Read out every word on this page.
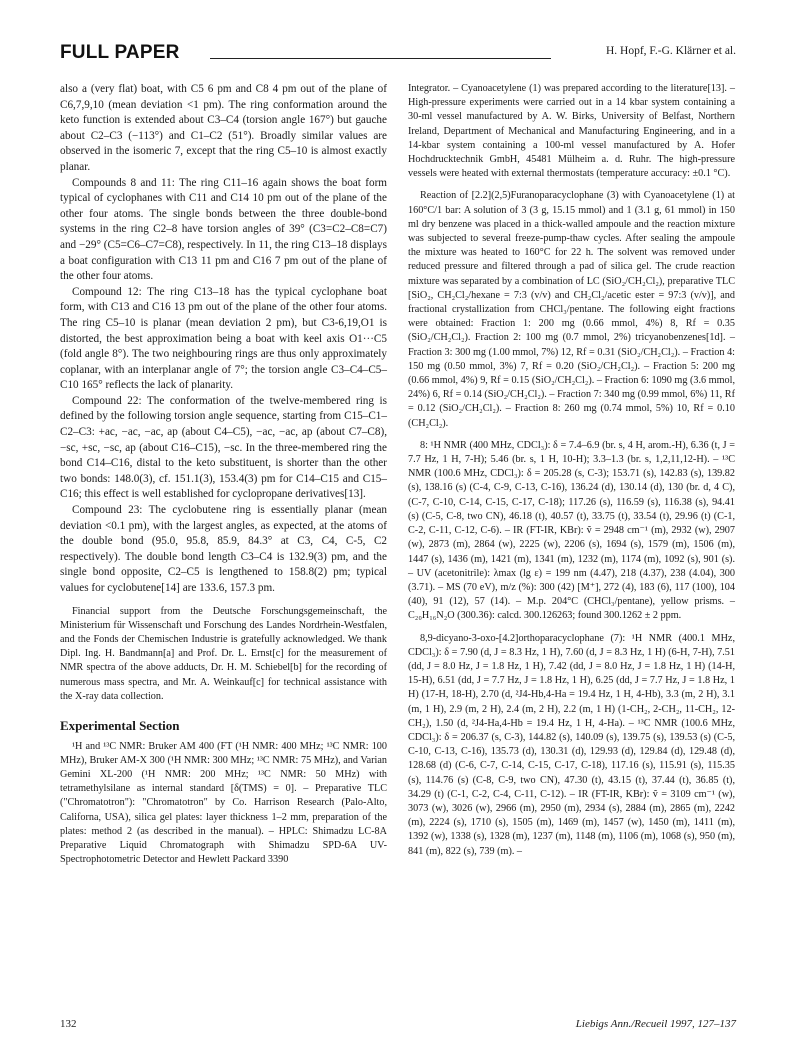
FULL PAPER	H. Hopf, F.-G. Klärner et al.

also a (very flat) boat, with C5 6 pm and C8 4 pm out of the plane of C6,7,9,10 (mean deviation <1 pm). The ring conformation around the keto function is extended about C3–C4 (torsion angle 167°) but gauche about C2–C3 (−113°) and C1–C2 (51°). Broadly similar values are observed in the isomeric 7, except that the ring C5–10 is almost exactly planar.

Compounds 8 and 11: The ring C11–16 again shows the boat form typical of cyclophanes with C11 and C14 10 pm out of the plane of the other four atoms. The single bonds between the three double-bond systems in the ring C2–8 have torsion angles of 39° (C3=C2–C8=C7) and −29° (C5=C6–C7=C8), respectively. In 11, the ring C13–18 displays a boat configuration with C13 11 pm and C16 7 pm out of the plane of the other four atoms.

Compound 12: The ring C13–18 has the typical cyclophane boat form, with C13 and C16 13 pm out of the plane of the other four atoms. The ring C5–10 is planar (mean deviation 2 pm), but C3-6,19,O1 is distorted, the best approximation being a boat with keel axis O1···C5 (fold angle 8°). The two neighbouring rings are thus only approximately coplanar, with an interplanar angle of 7°; the torsion angle C3–C4–C5–C10 165° reflects the lack of planarity.

Compound 22: The conformation of the twelve-membered ring is defined by the following torsion angle sequence, starting from C15–C1–C2–C3: +ac, −ac, −ac, ap (about C4–C5), −ac, −ac, ap (about C7–C8), −sc, +sc, −sc, ap (about C16–C15), −sc. In the three-membered ring the bond C14–C16, distal to the keto substituent, is shorter than the other two bonds: 148.0(3), cf. 151.1(3), 153.4(3) pm for C14–C15 and C15–C16; this effect is well established for cyclopropane derivatives[13].

Compound 23: The cyclobutene ring is essentially planar (mean deviation <0.1 pm), with the largest angles, as expected, at the atoms of the double bond (95.0, 95.8, 85.9, 84.3° at C3, C4, C-5, C2 respectively). The double bond length C3–C4 is 132.9(3) pm, and the single bond opposite, C2–C5 is lengthened to 158.8(2) pm; typical values for cyclobutene[14] are 133.6, 157.3 pm.

Financial support from the Deutsche Forschungsgemeinschaft, the Ministerium für Wissenschaft und Forschung des Landes Nordrhein-Westfalen, and the Fonds der Chemischen Industrie is gratefully acknowledged. We thank Dipl. Ing. H. Bandmann[a] and Prof. Dr. L. Ernst[c] for the measurement of NMR spectra of the above adducts, Dr. H. M. Schiebel[b] for the recording of numerous mass spectra, and Mr. A. Weinkauf[c] for technical assistance with the X-ray data collection.

Experimental Section

¹H and ¹³C NMR: Bruker AM 400 (FT (¹H NMR: 400 MHz; ¹³C NMR: 100 MHz), Bruker AM-X 300 (¹H NMR: 300 MHz; ¹³C NMR: 75 MHz), and Varian Gemini XL-200 (¹H NMR: 200 MHz; ¹³C NMR: 50 MHz) with tetramethylsilane as internal standard [δ(TMS) = 0]. – Preparative TLC ("Chromatotron"): "Chromatotron" by Co. Harrison Research (Palo-Alto, Californa, USA), silica gel plates: layer thickness 1–2 mm, preparation of the plates: method 2 (as described in the manual). – HPLC: Shimadzu LC-8A Preparative Liquid Chromatograph with Shimadzu SPD-6A UV-Spectrophotometric Detector and Hewlett Packard 3390

Integrator. – Cyanoacetylene (1) was prepared according to the literature[13]. – High-pressure experiments were carried out in a 14 kbar system containing a 30-ml vessel manufactured by A. W. Birks, University of Belfast, Northern Ireland, Department of Mechanical and Manufacturing Engineering, and in a 14-kbar system containing a 100-ml vessel manufactured by A. Hofer Hochdrucktechnik GmbH, 45481 Mülheim a. d. Ruhr. The high-pressure vessels were heated with external thermostats (temperature accuracy: ±0.1 °C).

Reaction of [2.2](2,5)Furanoparacyclophane (3) with Cyanoacetylene (1) at 160°C/1 bar: A solution of 3 (3 g, 15.15 mmol) and 1 (3.1 g, 61 mmol) in 150 ml dry benzene was placed in a thick-walled ampoule and the reaction mixture was subjected to several freeze-pump-thaw cycles. After sealing the ampoule the mixture was heated to 160°C for 22 h. The solvent was removed under reduced pressure and filtered through a pad of silica gel. The crude reaction mixture was separated by a combination of LC (SiO₂/CH₂Cl₂), preparative TLC [SiO₂, CH₂Cl₂/hexane = 7:3 (v/v) and CH₂Cl₂/acetic ester = 97:3 (v/v)], and fractional crystallization from CHCl₃/pentane. The following eight fractions were obtained: Fraction 1: 200 mg (0.66 mmol, 4%) 8, Rf = 0.35 (SiO₂/CH₂Cl₂). Fraction 2: 100 mg (0.7 mmol, 2%) tricyanobenzenes[1d]. – Fraction 3: 300 mg (1.00 mmol, 7%) 12, Rf = 0.31 (SiO₂/CH₂Cl₂). – Fraction 4: 150 mg (0.50 mmol, 3%) 7, Rf = 0.20 (SiO₂/CH₂Cl₂). – Fraction 5: 200 mg (0.66 mmol, 4%) 9, Rf = 0.15 (SiO₂/CH₂Cl₂). – Fraction 6: 1090 mg (3.6 mmol, 24%) 6, Rf = 0.14 (SiO₂/CH₂Cl₂). – Fraction 7: 340 mg (0.99 mmol, 6%) 11, Rf = 0.12 (SiO₂/CH₂Cl₂). – Fraction 8: 260 mg (0.74 mmol, 5%) 10, Rf = 0.10 (CH₂Cl₂).

8: ¹H NMR (400 MHz, CDCl₃): δ = 7.4–6.9 (br. s, 4 H, arom.-H), 6.36 (t, J = 7.7 Hz, 1 H, 7-H); 5.46 (br. s, 1 H, 10-H); 3.3–1.3 (br. s, 1,2,11,12-H). – ¹³C NMR (100.6 MHz, CDCl₃): δ = 205.28 (s, C-3); 153.71 (s), 142.83 (s), 139.82 (s), 138.16 (s) (C-4, C-9, C-13, C-16), 136.24 (d), 130.14 (d), 130 (br. d, 4 C), (C-7, C-10, C-14, C-15, C-17, C-18); 117.26 (s), 116.59 (s), 116.38 (s), 94.41 (s) (C-5, C-8, two CN), 46.18 (t), 40.57 (t), 33.75 (t), 33.54 (t), 29.96 (t) (C-1, C-2, C-11, C-12, C-6). – IR (FT-IR, KBr): ṽ = 2948 cm⁻¹ (m), 2932 (w), 2907 (w), 2873 (m), 2864 (w), 2225 (w), 2206 (s), 1694 (s), 1579 (m), 1506 (m), 1447 (s), 1436 (m), 1421 (m), 1341 (m), 1232 (m), 1174 (m), 1092 (s), 901 (s). – UV (acetonitrile): λmax (lg ε) = 199 nm (4.47), 218 (4.37), 238 (4.04), 300 (3.71). – MS (70 eV), m/z (%): 300 (42) [M⁺], 272 (4), 183 (6), 117 (100), 104 (40), 91 (12), 57 (14). – M.p. 204°C (CHCl₃/pentane), yellow prisms. – C₂₀H₁₆N₂O (300.36): calcd. 300.126263; found 300.1262 ± 2 ppm.

8,9-dicyano-3-oxo-[4.2]orthoparacyclophane (7): ¹H NMR (400.1 MHz, CDCl₃): δ = 7.90 (d, J = 8.3 Hz, 1 H), 7.60 (d, J = 8.3 Hz, 1 H) (6-H, 7-H), 7.51 (dd, J = 8.0 Hz, J = 1.8 Hz, 1 H), 7.42 (dd, J = 8.0 Hz, J = 1.8 Hz, 1 H) (14-H, 15-H), 6.51 (dd, J = 7.7 Hz, J = 1.8 Hz, 1 H), 6.25 (dd, J = 7.7 Hz, J = 1.8 Hz, 1 H) (17-H, 18-H), 2.70 (d, ²J4-Hb,4-Ha = 19.4 Hz, 1 H, 4-Hb), 3.3 (m, 2 H), 3.1 (m, 1 H), 2.9 (m, 2 H), 2.4 (m, 2 H), 2.2 (m, 1 H) (1-CH₂, 2-CH₂, 11-CH₂, 12-CH₂), 1.50 (d, ²J4-Ha,4-Hb = 19.4 Hz, 1 H, 4-Ha). – ¹³C NMR (100.6 MHz, CDCl₃): δ = 206.37 (s, C-3), 144.82 (s), 140.09 (s), 139.75 (s), 139.53 (s) (C-5, C-10, C-13, C-16), 135.73 (d), 130.31 (d), 129.93 (d), 129.84 (d), 129.48 (d), 128.68 (d) (C-6, C-7, C-14, C-15, C-17, C-18), 117.16 (s), 115.91 (s), 115.35 (s), 114.76 (s) (C-8, C-9, two CN), 47.30 (t), 43.15 (t), 37.44 (t), 36.85 (t), 34.29 (t) (C-1, C-2, C-4, C-11, C-12). – IR (FT-IR, KBr): ṽ = 3109 cm⁻¹ (w), 3073 (w), 3026 (w), 2966 (m), 2950 (m), 2934 (s), 2884 (m), 2865 (m), 2242 (m), 2224 (s), 1710 (s), 1505 (m), 1469 (m), 1457 (w), 1450 (m), 1411 (m), 1392 (w), 1338 (s), 1328 (m), 1237 (m), 1148 (m), 1106 (m), 1068 (s), 950 (m), 841 (m), 822 (s), 739 (m). –

132	Liebigs Ann./Recueil 1997, 127–137
